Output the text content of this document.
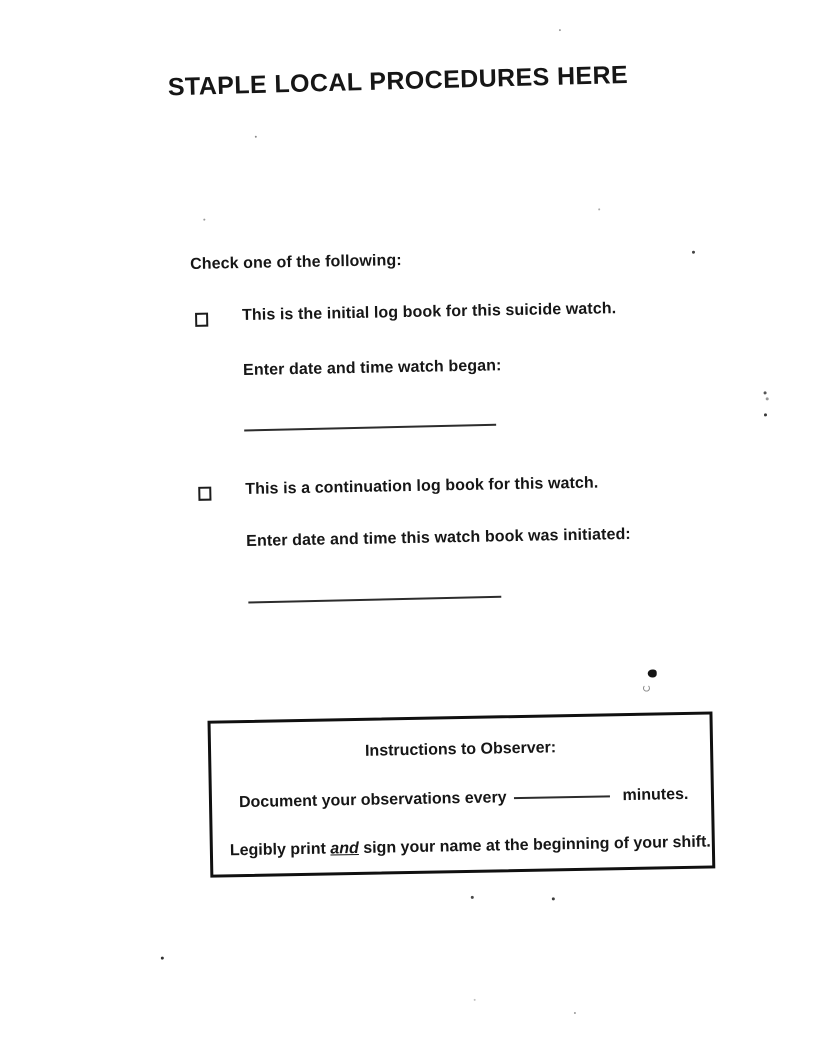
STAPLE LOCAL PROCEDURES HERE
Check one of the following:
This is the initial log book for this suicide watch.
Enter date and time watch began:
This is a continuation log book for this watch.
Enter date and time this watch book was initiated:
Instructions to Observer:
Document your observations every	minutes.
Legibly print and sign your name at the beginning of your shift.
